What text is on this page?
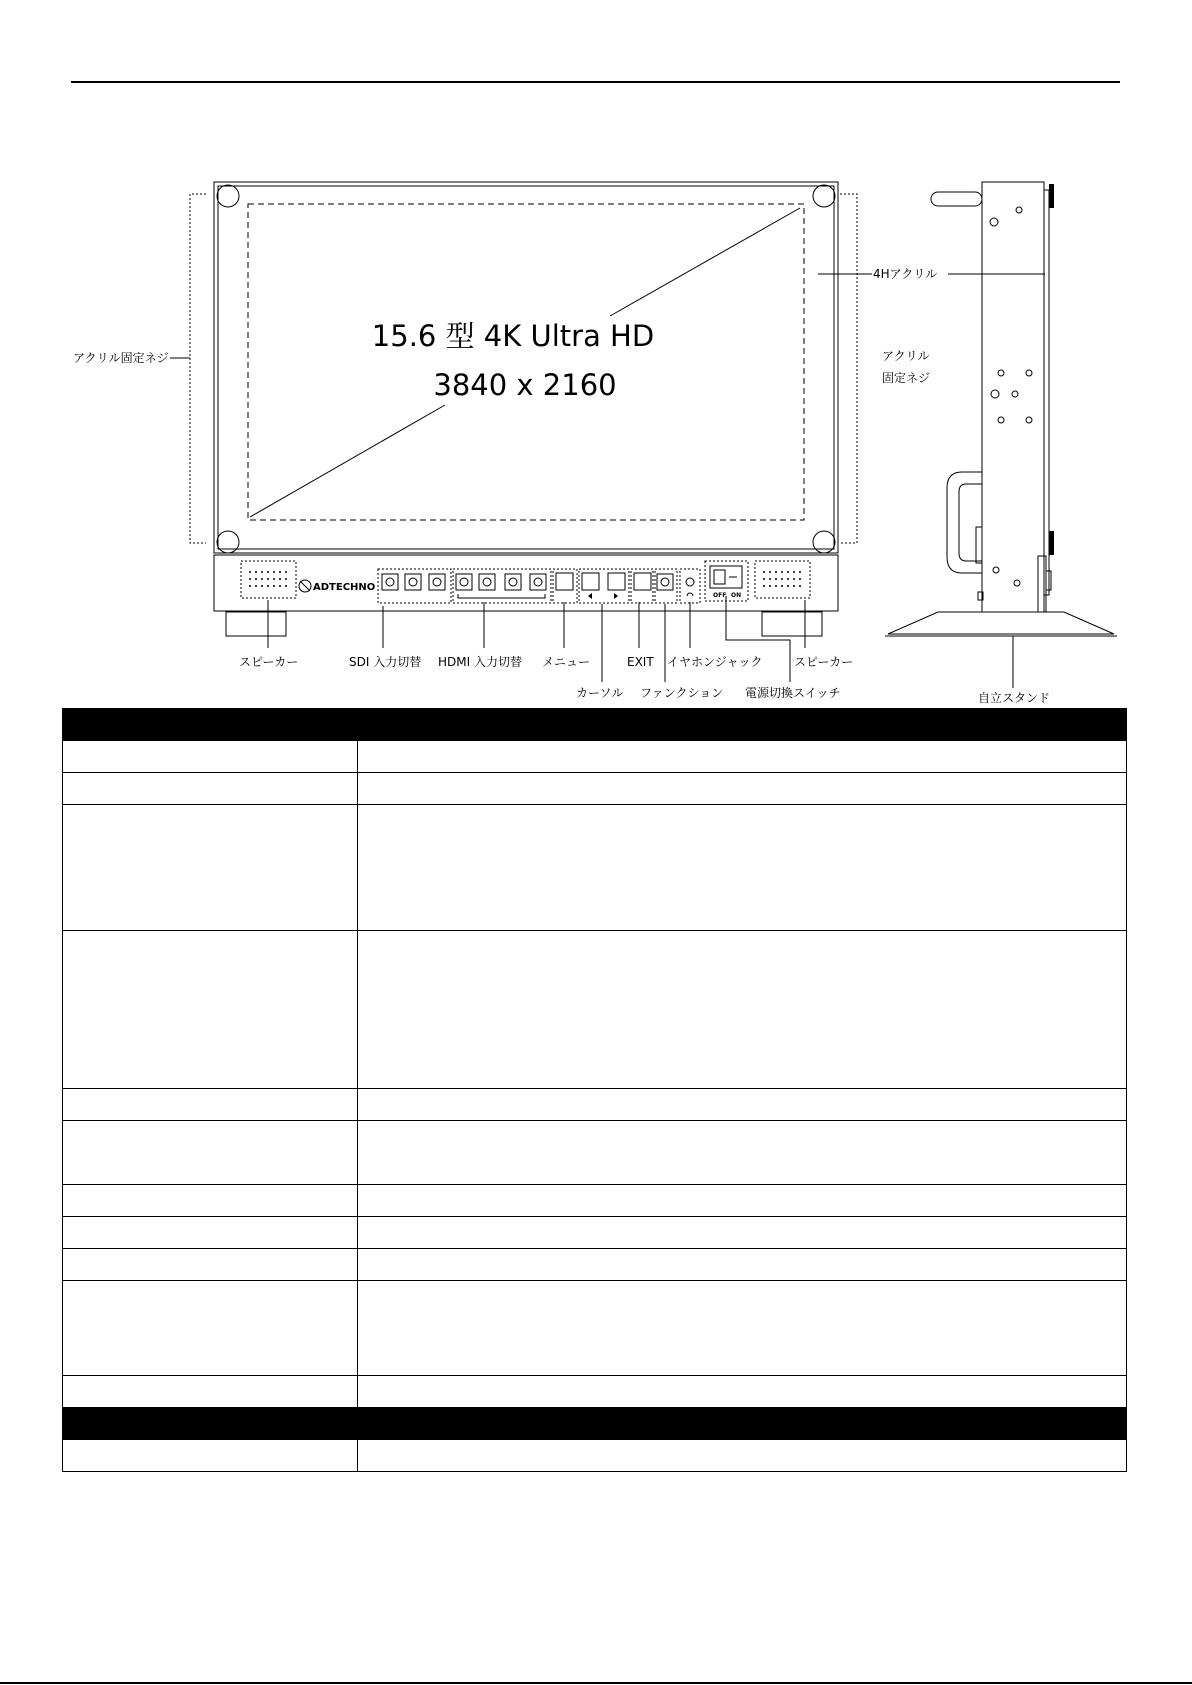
15.6 型 4K Ultra HD
3840 x 2160
アクリル固定ネジ	アクリル
固定ネジ
4Hアクリル
ADTECHNO
OFF ON
スピーカー	SDI 入力切替 HDMI 入力切替 メニュー	EXIT イヤホンジャック	スピーカー
カーソル ファンクション 電源切換スイッチ	自立スタンド
